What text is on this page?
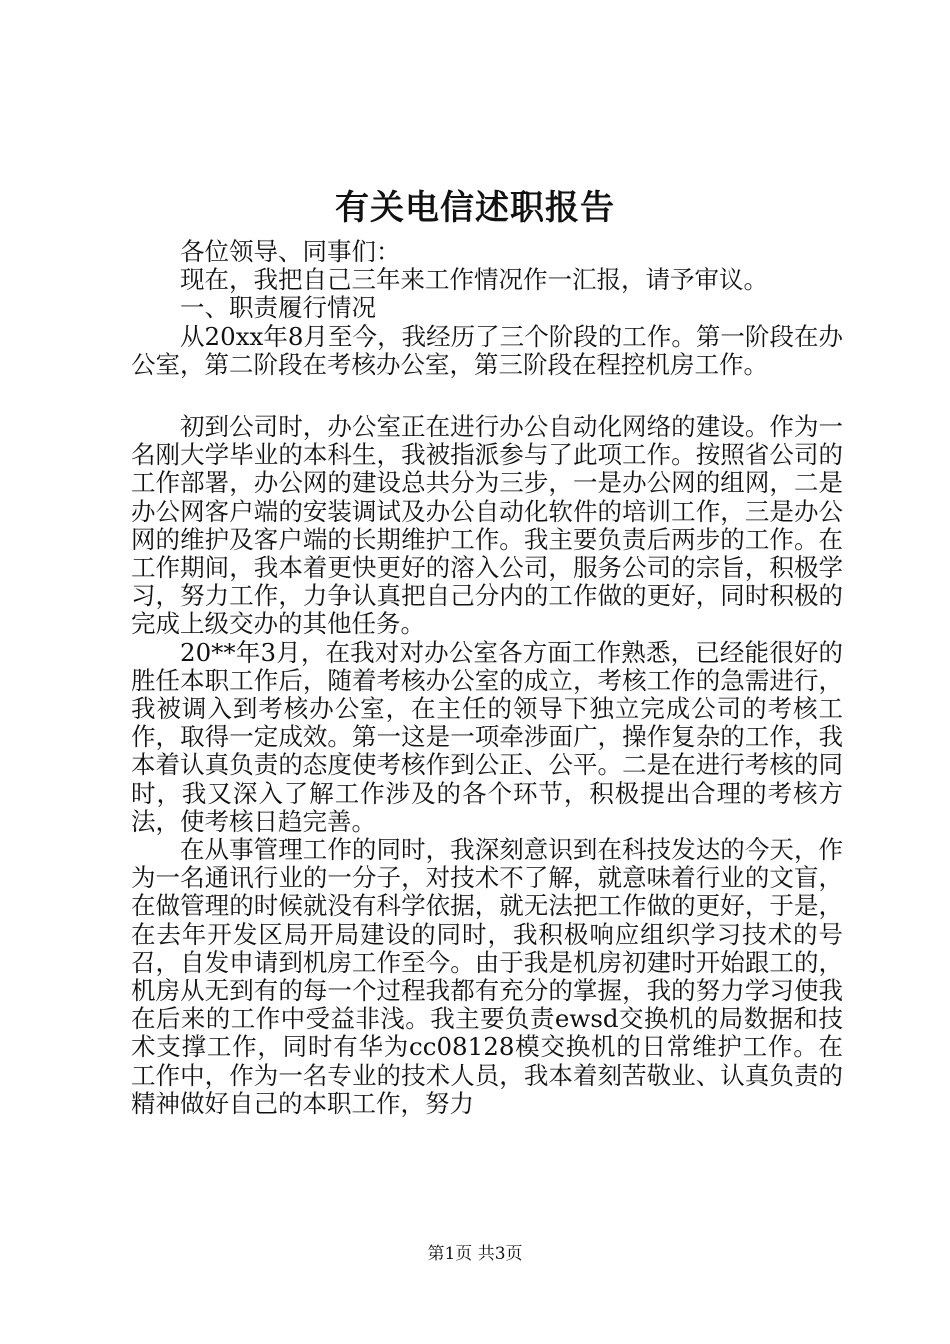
有关电信述职报告

各位领导、同事们：

现在，我把自己三年来工作情况作一汇报，请予审议。

一、职责履行情况

从20xx年8月至今，我经历了三个阶段的工作。第一阶段在办公室，第二阶段在考核办公室，第三阶段在程控机房工作。

初到公司时，办公室正在进行办公自动化网络的建设。作为一名刚大学毕业的本科生，我被指派参与了此项工作。按照省公司的工作部署，办公网的建设总共分为三步，一是办公网的组网，二是办公网客户端的安装调试及办公自动化软件的培训工作，三是办公网的维护及客户端的长期维护工作。我主要负责后两步的工作。在工作期间，我本着更快更好的溶入公司，服务公司的宗旨，积极学习，努力工作，力争认真把自己分内的工作做的更好，同时积极的完成上级交办的其他任务。

20**年3月，在我对对办公室各方面工作熟悉，已经能很好的胜任本职工作后，随着考核办公室的成立，考核工作的急需进行，我被调入到考核办公室，在主任的领导下独立完成公司的考核工作，取得一定成效。第一这是一项牵涉面广，操作复杂的工作，我本着认真负责的态度使考核作到公正、公平。二是在进行考核的同时，我又深入了解工作涉及的各个环节，积极提出合理的考核方法，使考核日趋完善。

在从事管理工作的同时，我深刻意识到在科技发达的今天，作为一名通讯行业的一分子，对技术不了解，就意味着行业的文盲，在做管理的时候就没有科学依据，就无法把工作做的更好，于是，在去年开发区局开局建设的同时，我积极响应组织学习技术的号召，自发申请到机房工作至今。由于我是机房初建时开始跟工的，机房从无到有的每一个过程我都有充分的掌握，我的努力学习使我在后来的工作中受益非浅。我主要负责ewsd交换机的局数据和技术支撑工作，同时有华为cc08128模交换机的日常维护工作。在工作中，作为一名专业的技术人员，我本着刻苦敬业、认真负责的精神做好自己的本职工作，努力

第1页 共3页
